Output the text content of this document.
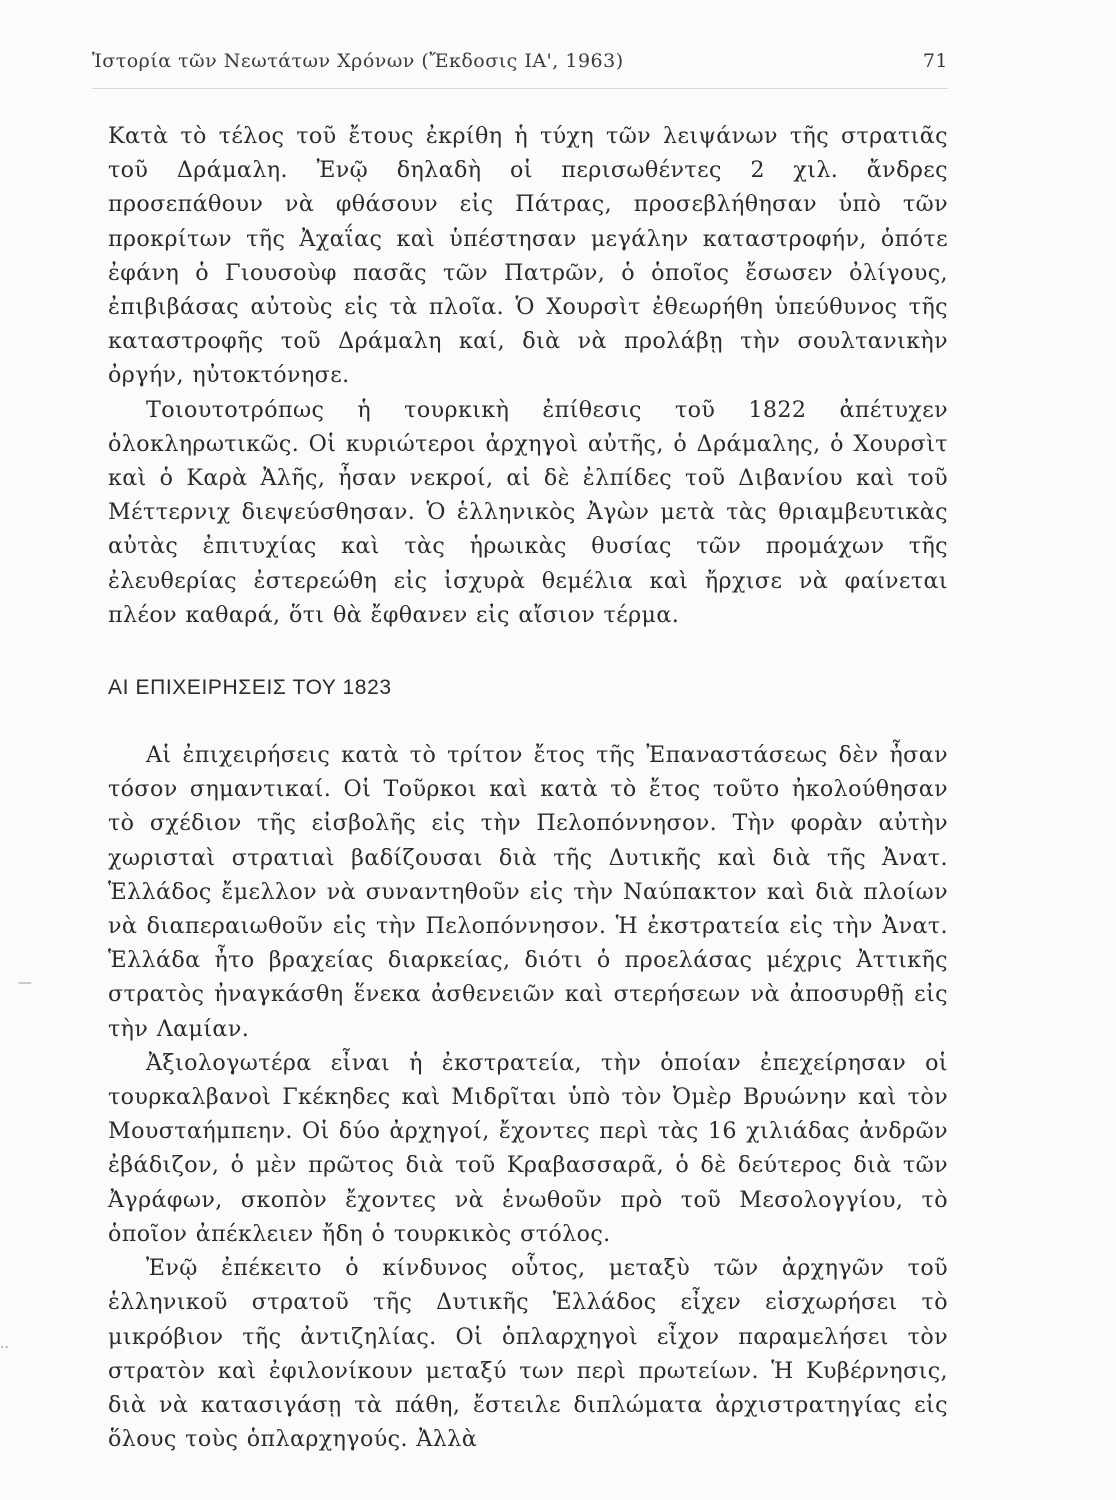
Ἱστορία τῶν Νεωτάτων Χρόνων (Ἔκδοσις ΙΑ', 1963)	71

Κατὰ τὸ τέλος τοῦ ἔτους ἐκρίθη ἡ τύχη τῶν λειψάνων τῆς στρατιᾶς τοῦ Δράμαλη. Ἐνῷ δηλαδὴ οἱ περισωθέντες 2 χιλ. ἄνδρες προσεπάθουν νὰ φθάσουν εἰς Πάτρας, προσεβλήθησαν ὑπὸ τῶν προκρίτων τῆς Ἀχαΐας καὶ ὑπέστησαν μεγάλην καταστροφήν, ὁπότε ἐφάνη ὁ Γιουσοὺφ πασᾶς τῶν Πατρῶν, ὁ ὁποῖος ἔσωσεν ὀλίγους, ἐπιβιβάσας αὐτοὺς εἰς τὰ πλοῖα. Ὁ Χουρσὶτ ἐθεωρήθη ὑπεύθυνος τῆς καταστροφῆς τοῦ Δράμαλη καί, διὰ νὰ προλάβῃ τὴν σουλτανικὴν ὀργήν, ηὐτοκτόνησε.

Τοιουτοτρόπως ἡ τουρκικὴ ἐπίθεσις τοῦ 1822 ἀπέτυχεν ὁλοκληρωτικῶς. Οἱ κυριώτεροι ἀρχηγοὶ αὐτῆς, ὁ Δράμαλης, ὁ Χουρσὶτ καὶ ὁ Καρὰ Ἀλῆς, ἦσαν νεκροί, αἱ δὲ ἐλπίδες τοῦ Διβανίου καὶ τοῦ Μέττερνιχ διεψεύσθησαν. Ὁ ἑλληνικὸς Ἀγὼν μετὰ τὰς θριαμβευτικὰς αὐτὰς ἐπιτυχίας καὶ τὰς ἡρωικὰς θυσίας τῶν προμάχων τῆς ἐλευθερίας ἐστερεώθη εἰς ἰσχυρὰ θεμέλια καὶ ἤρχισε νὰ φαίνεται πλέον καθαρά, ὅτι θὰ ἔφθανεν εἰς αἴσιον τέρμα.

ΑΙ ΕΠΙΧΕΙΡΗΣΕΙΣ ΤΟΥ 1823

Αἱ ἐπιχειρήσεις κατὰ τὸ τρίτον ἔτος τῆς Ἐπαναστάσεως δὲν ἦσαν τόσον σημαντικαί. Οἱ Τοῦρκοι καὶ κατὰ τὸ ἔτος τοῦτο ἠκολούθησαν τὸ σχέδιον τῆς εἰσβολῆς εἰς τὴν Πελοπόννησον. Τὴν φορὰν αὐτὴν χωρισταὶ στρατιαὶ βαδίζουσαι διὰ τῆς Δυτικῆς καὶ διὰ τῆς Ἀνατ. Ἑλλάδος ἔμελλον νὰ συναντηθοῦν εἰς τὴν Ναύπακτον καὶ διὰ πλοίων νὰ διαπεραιωθοῦν εἰς τὴν Πελοπόννησον. Ἡ ἐκστρατεία εἰς τὴν Ἀνατ. Ἑλλάδα ἦτο βραχείας διαρκείας, διότι ὁ προελάσας μέχρις Ἀττικῆς στρατὸς ἠναγκάσθη ἕνεκα ἀσθενειῶν καὶ στερήσεων νὰ ἀποσυρθῇ εἰς τὴν Λαμίαν.

Ἀξιολογωτέρα εἶναι ἡ ἐκστρατεία, τὴν ὁποίαν ἐπεχείρησαν οἱ τουρκαλβανοὶ Γκέκηδες καὶ Μιδρῖται ὑπὸ τὸν Ὀμὲρ Βρυώνην καὶ τὸν Μουσταήμπεην. Οἱ δύο ἀρχηγοί, ἔχοντες περὶ τὰς 16 χιλιάδας ἀνδρῶν ἐβάδιζον, ὁ μὲν πρῶτος διὰ τοῦ Κραβασσαρᾶ, ὁ δὲ δεύτερος διὰ τῶν Ἀγράφων, σκοπὸν ἔχοντες νὰ ἑνωθοῦν πρὸ τοῦ Μεσολογγίου, τὸ ὁποῖον ἀπέκλειεν ἤδη ὁ τουρκικὸς στόλος.

Ἐνῷ ἐπέκειτο ὁ κίνδυνος οὗτος, μεταξὺ τῶν ἀρχηγῶν τοῦ ἑλληνικοῦ στρατοῦ τῆς Δυτικῆς Ἑλλάδος εἶχεν εἰσχωρήσει τὸ μικρόβιον τῆς ἀντιζηλίας. Οἱ ὁπλαρχηγοὶ εἶχον παραμελήσει τὸν στρατὸν καὶ ἐφιλονίκουν μεταξύ των περὶ πρωτείων. Ἡ Κυβέρνησις, διὰ νὰ κατασιγάσῃ τὰ πάθη, ἔστειλε διπλώματα ἀρχιστρατηγίας εἰς ὅλους τοὺς ὁπλαρχηγούς. Ἀλλὰ

—
··
